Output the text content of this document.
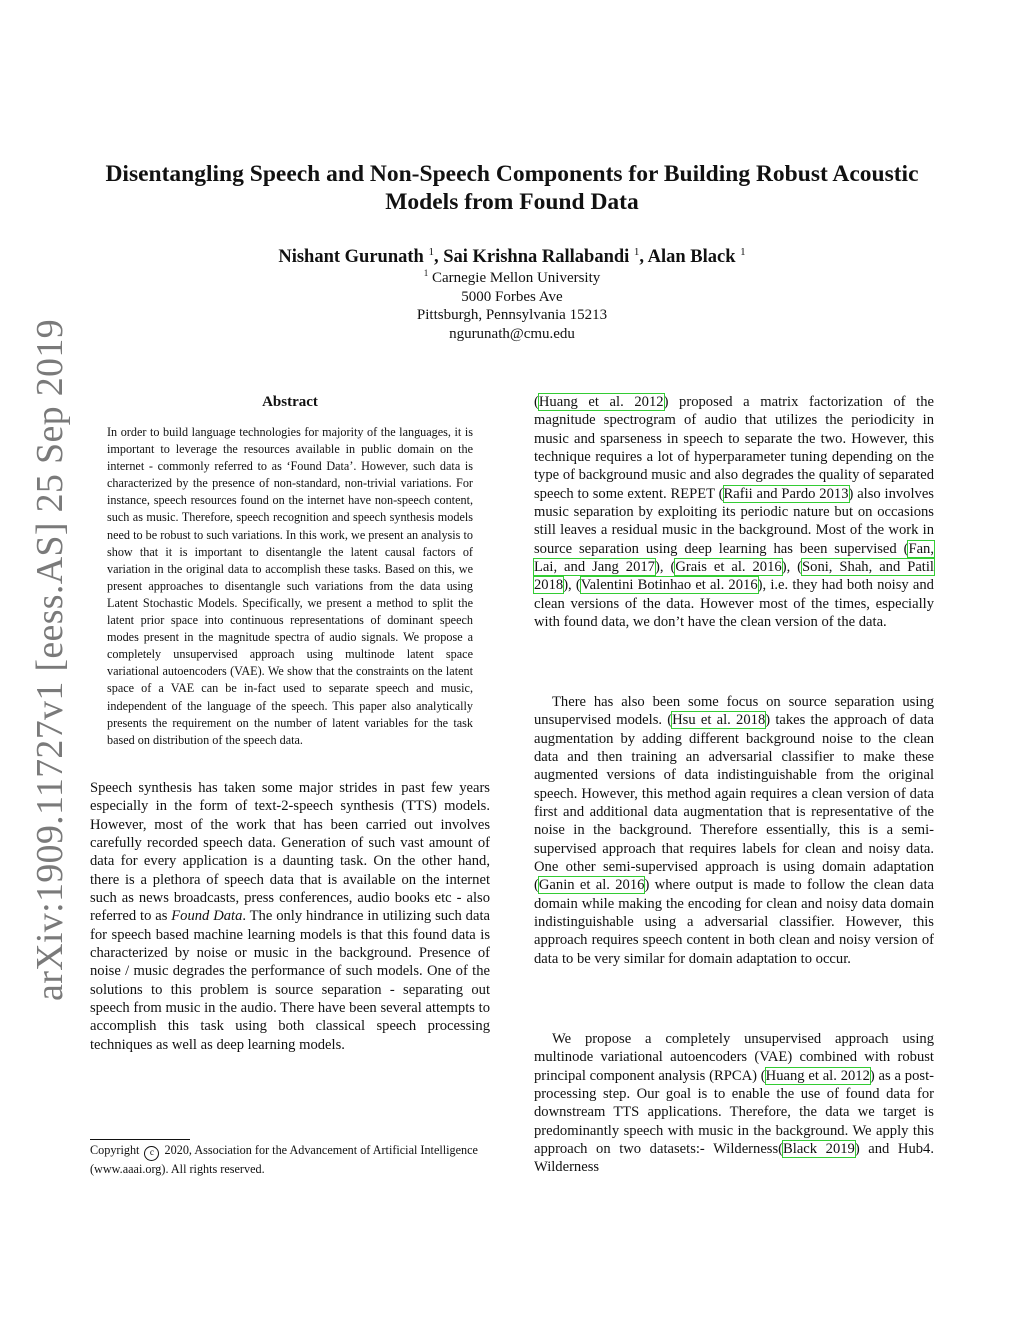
arXiv:1909.11727v1 [eess.AS] 25 Sep 2019
Disentangling Speech and Non-Speech Components for Building Robust Acoustic Models from Found Data
Nishant Gurunath $^1$, Sai Krishna Rallabandi $^1$, Alan Black $^1$
$^1$ Carnegie Mellon University
5000 Forbes Ave
Pittsburgh, Pennsylvania 15213
ngurunath@cmu.edu
Abstract

In order to build language technologies for majority of the languages, it is important to leverage the resources available in public domain on the internet - commonly referred to as ‘Found Data’. However, such data is characterized by the presence of non-standard, non-trivial variations. For instance, speech resources found on the internet have non-speech content, such as music. Therefore, speech recognition and speech synthesis models need to be robust to such variations. In this work, we present an analysis to show that it is important to disentangle the latent causal factors of variation in the original data to accomplish these tasks. Based on this, we present approaches to disentangle such variations from the data using Latent Stochastic Models. Specifically, we present a method to split the latent prior space into continuous representations of dominant speech modes present in the magnitude spectra of audio signals. We propose a completely unsupervised approach using multinode latent space variational autoencoders (VAE). We show that the constraints on the latent space of a VAE can be in-fact used to separate speech and music, independent of the language of the speech. This paper also analytically presents the requirement on the number of latent variables for the task based on distribution of the speech data.

Speech synthesis has taken some major strides in past few years especially in the form of text-2-speech synthesis (TTS) models. However, most of the work that has been carried out involves carefully recorded speech data. Generation of such vast amount of data for every application is a daunting task. On the other hand, there is a plethora of speech data that is available on the internet such as news broadcasts, press conferences, audio books etc - also referred to as Found Data. The only hindrance in utilizing such data for speech based machine learning models is that this found data is characterized by noise or music in the background. Presence of noise / music degrades the performance of such models. One of the solutions to this problem is source separation - separating out speech from music in the audio. There have been several attempts to accomplish this task using both classical speech processing techniques as well as deep learning models.

Copyright c 2020, Association for the Advancement of Artificial Intelligence (www.aaai.org). All rights reserved.

(Huang et al. 2012) proposed a matrix factorization of the magnitude spectrogram of audio that utilizes the periodicity in music and sparseness in speech to separate the two. However, this technique requires a lot of hyperparameter tuning depending on the type of background music and also degrades the quality of separated speech to some extent. REPET (Rafii and Pardo 2013) also involves music separation by exploiting its periodic nature but on occasions still leaves a residual music in the background. Most of the work in source separation using deep learning has been supervised (Fan, Lai, and Jang 2017), (Grais et al. 2016), (Soni, Shah, and Patil 2018), (Valentini Botinhao et al. 2016), i.e. they had both noisy and clean versions of the data. However most of the times, especially with found data, we don’t have the clean version of the data.

There has also been some focus on source separation using unsupervised models. (Hsu et al. 2018) takes the approach of data augmentation by adding different background noise to the clean data and then training an adversarial classifier to make these augmented versions of data indistinguishable from the original speech. However, this method again requires a clean version of data first and additional data augmentation that is representative of the noise in the background. Therefore essentially, this is a semi-supervised approach that requires labels for clean and noisy data. One other semi-supervised approach is using domain adaptation (Ganin et al. 2016) where output is made to follow the clean data domain while making the encoding for clean and noisy data domain indistinguishable using a adversarial classifier. However, this approach requires speech content in both clean and noisy version of data to be very similar for domain adaptation to occur.

We propose a completely unsupervised approach using multinode variational autoencoders (VAE) combined with robust principal component analysis (RPCA) (Huang et al. 2012) as a post-processing step. Our goal is to enable the use of found data for downstream TTS applications. Therefore, the data we target is predominantly speech with music in the background. We apply this approach on two datasets:- Wilderness(Black 2019) and Hub4. Wilderness
